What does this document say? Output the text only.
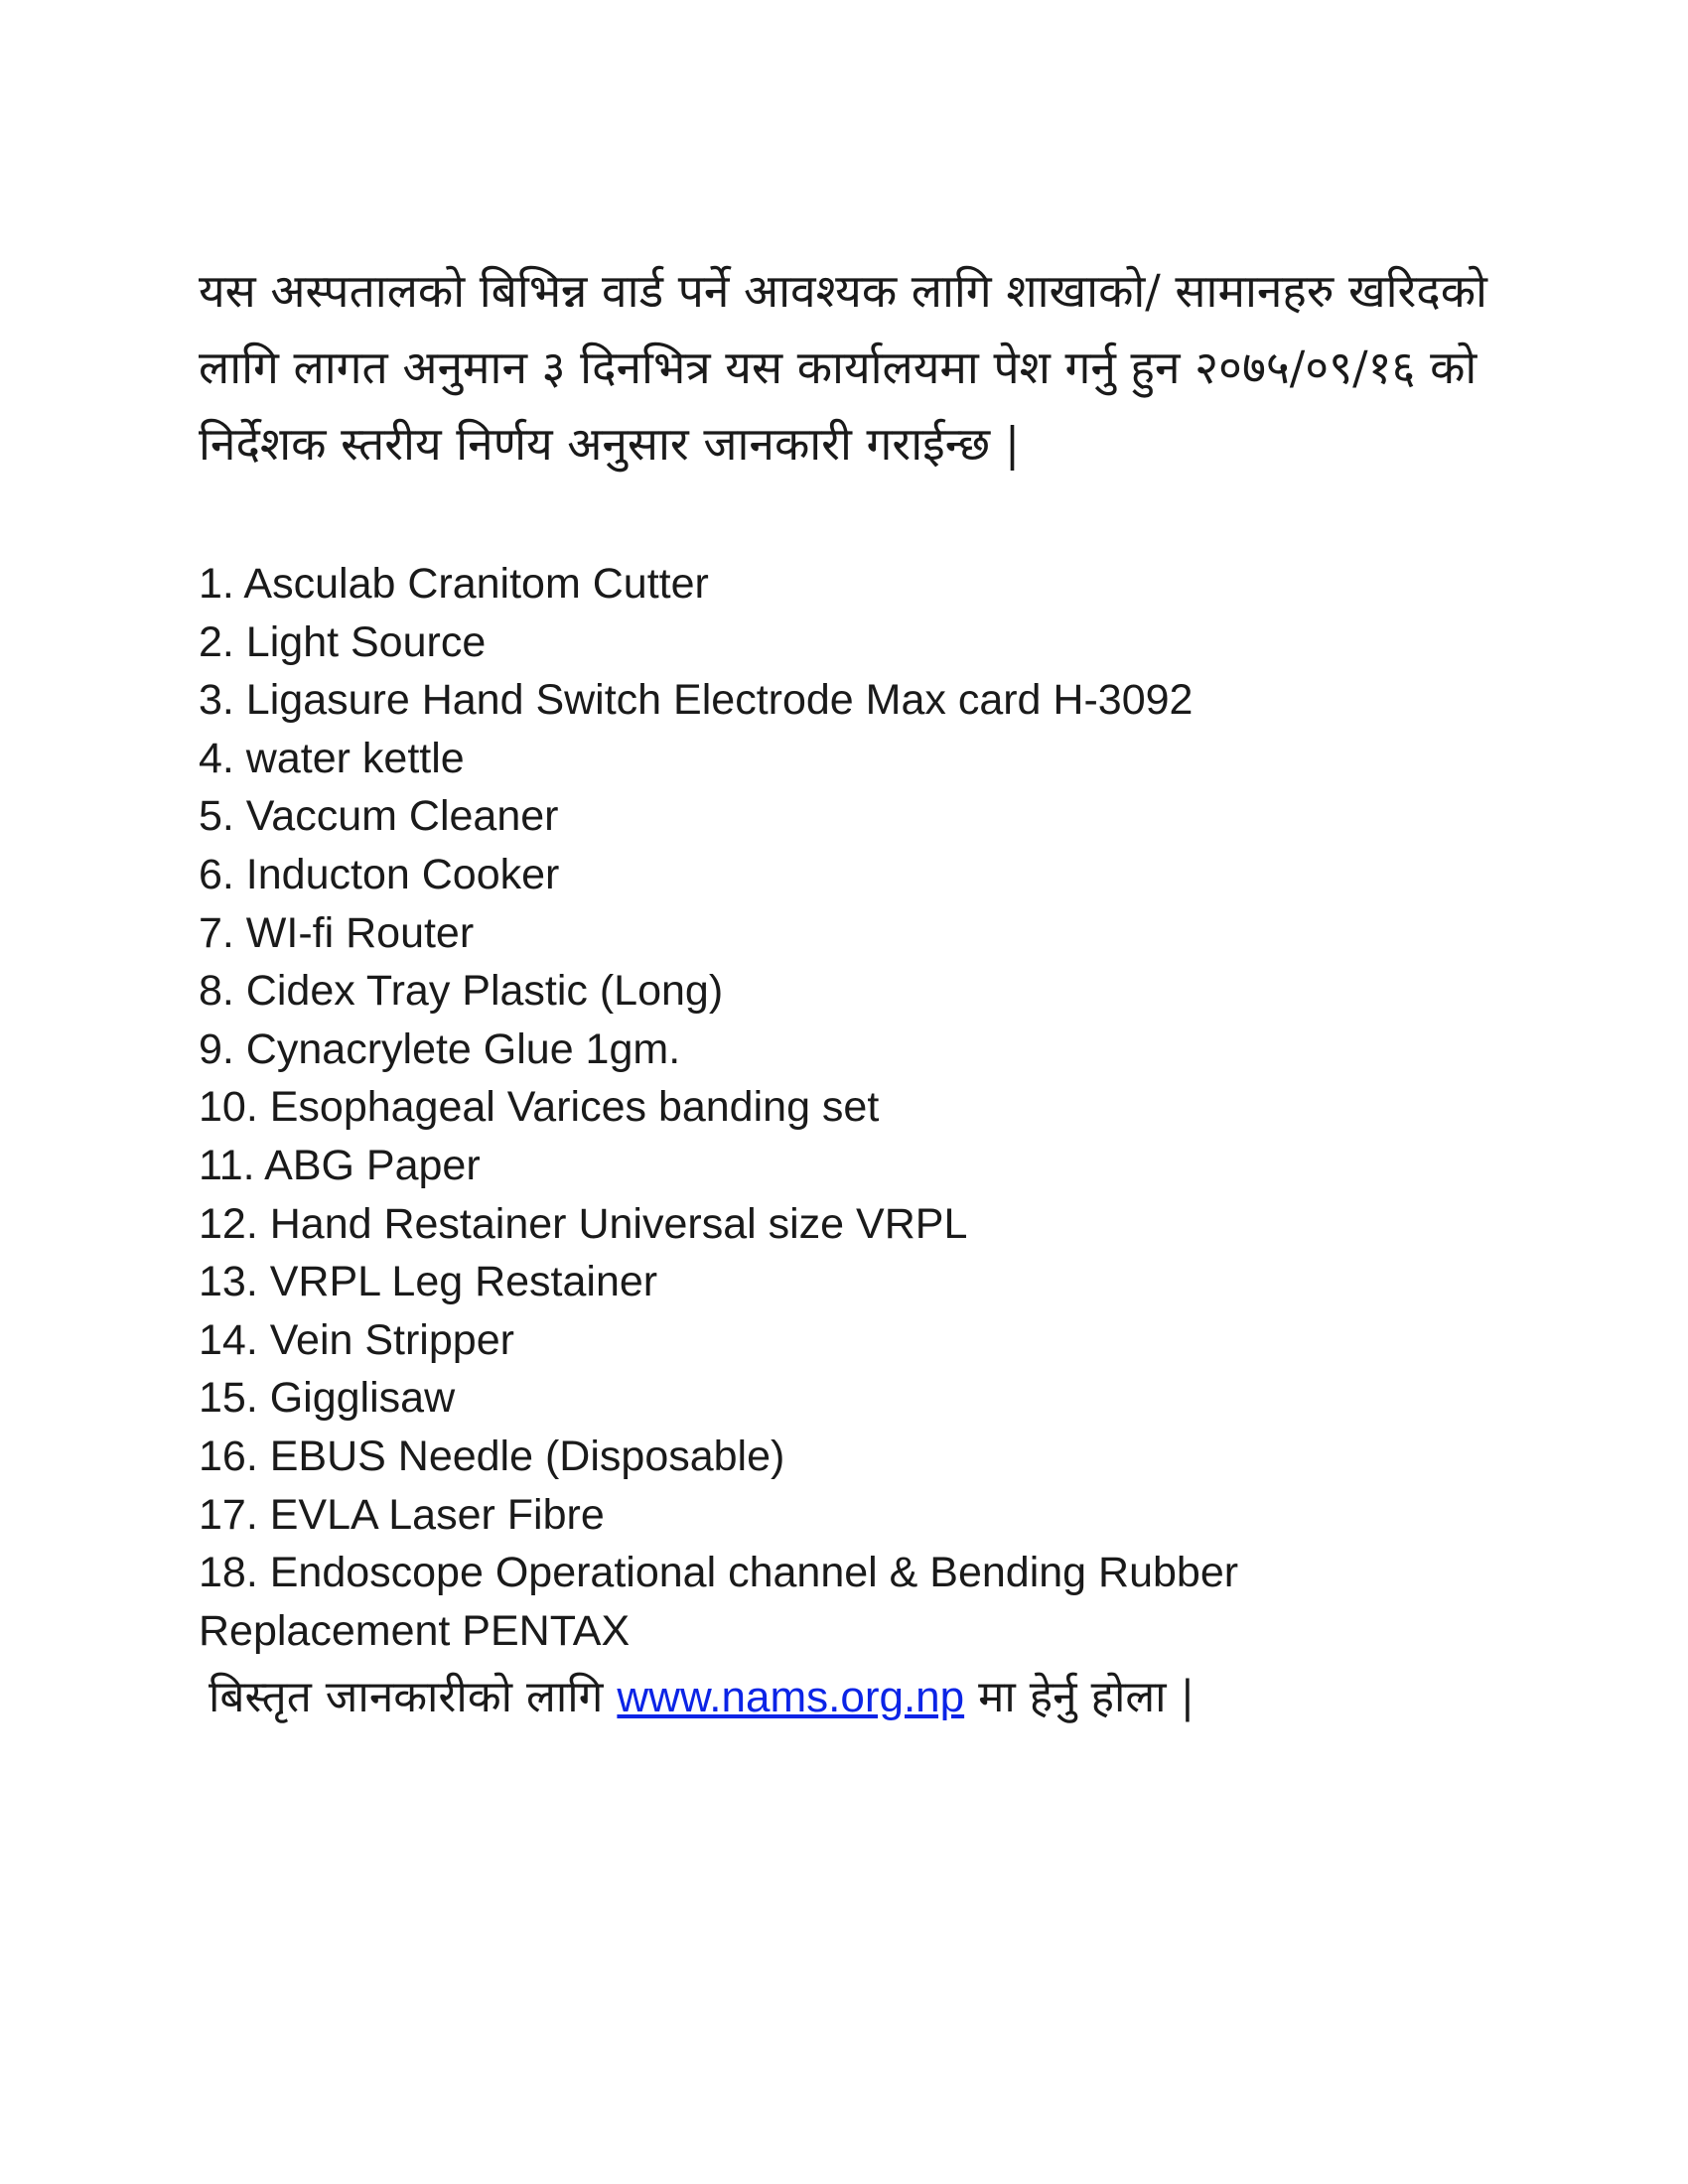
यस अस्पतालको बिभिन्न वार्ड पर्ने आवश्यक लागि शाखाको/ सामानहरु खरिदको लागि लागत अनुमान ३ दिनभित्र यस कार्यालयमा पेश गर्नु हुन २०७५/०९/१६ को निर्देशक स्तरीय निर्णय अनुसार जानकारी गराईन्छ |

1. Asculab Cranitom Cutter
2. Light Source
3. Ligasure Hand Switch Electrode Max card H-3092
4. water kettle
5. Vaccum Cleaner
6. Inducton Cooker
7. WI-fi Router
8. Cidex Tray Plastic (Long)
9. Cynacrylete Glue 1gm.
10. Esophageal Varices banding set
11. ABG Paper
12. Hand Restainer Universal size VRPL
13. VRPL Leg Restainer
14. Vein Stripper
15. Gigglisaw
16. EBUS Needle (Disposable)
17. EVLA Laser Fibre
18. Endoscope Operational channel & Bending Rubber Replacement PENTAX

बिस्तृत जानकारीको लागि www.nams.org.np मा हेर्नु होला |
